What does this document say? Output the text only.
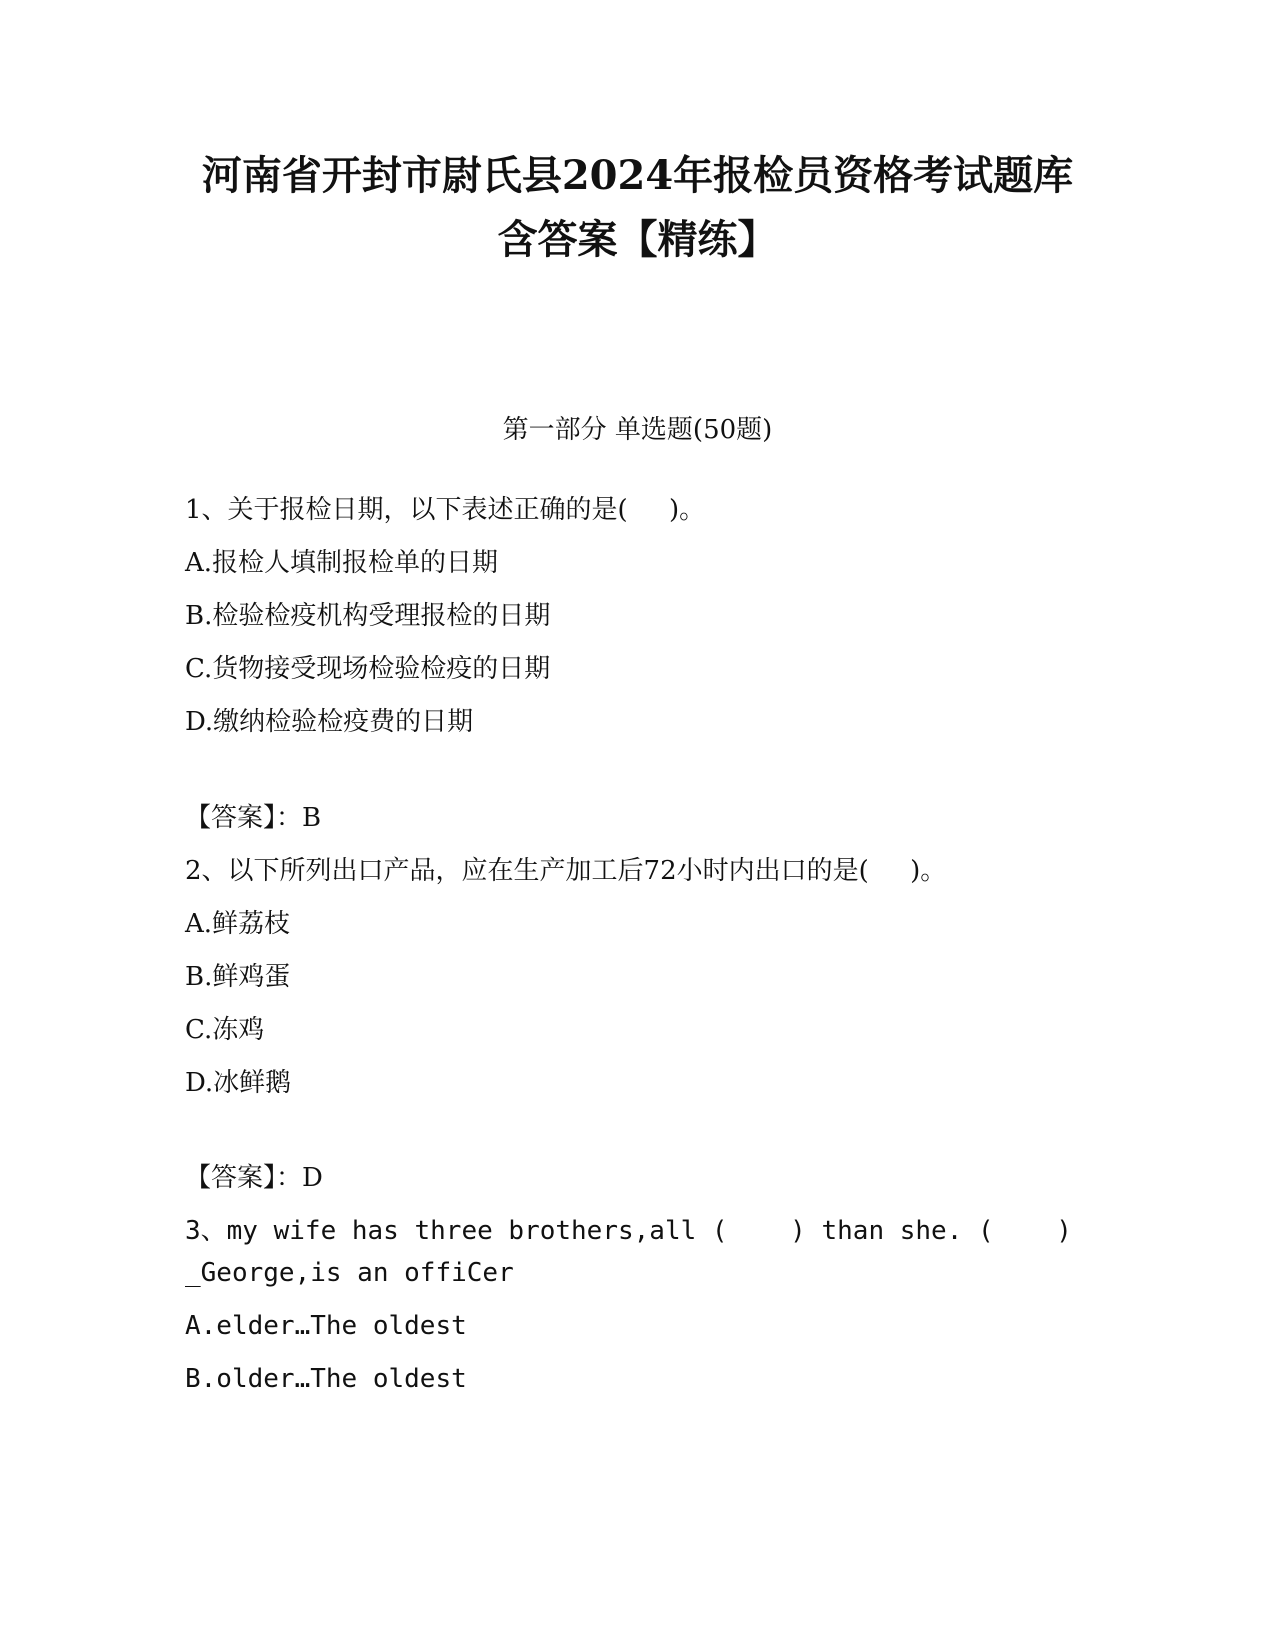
河南省开封市尉氏县2024年报检员资格考试题库
含答案【精练】

第一部分 单选题(50题)

1、关于报检日期，以下表述正确的是(     )。

A.报检人填制报检单的日期

B.检验检疫机构受理报检的日期

C.货物接受现场检验检疫的日期

D.缴纳检验检疫费的日期

【答案】：B

2、以下所列出口产品，应在生产加工后72小时内出口的是(     )。

A.鲜荔枝

B.鲜鸡蛋

C.冻鸡

D.冰鲜鹅

【答案】：D

3、my wife has three brothers,all (    ) than she. (    )

_George,is an offiCer

A.elder…The oldest

B.older…The oldest
